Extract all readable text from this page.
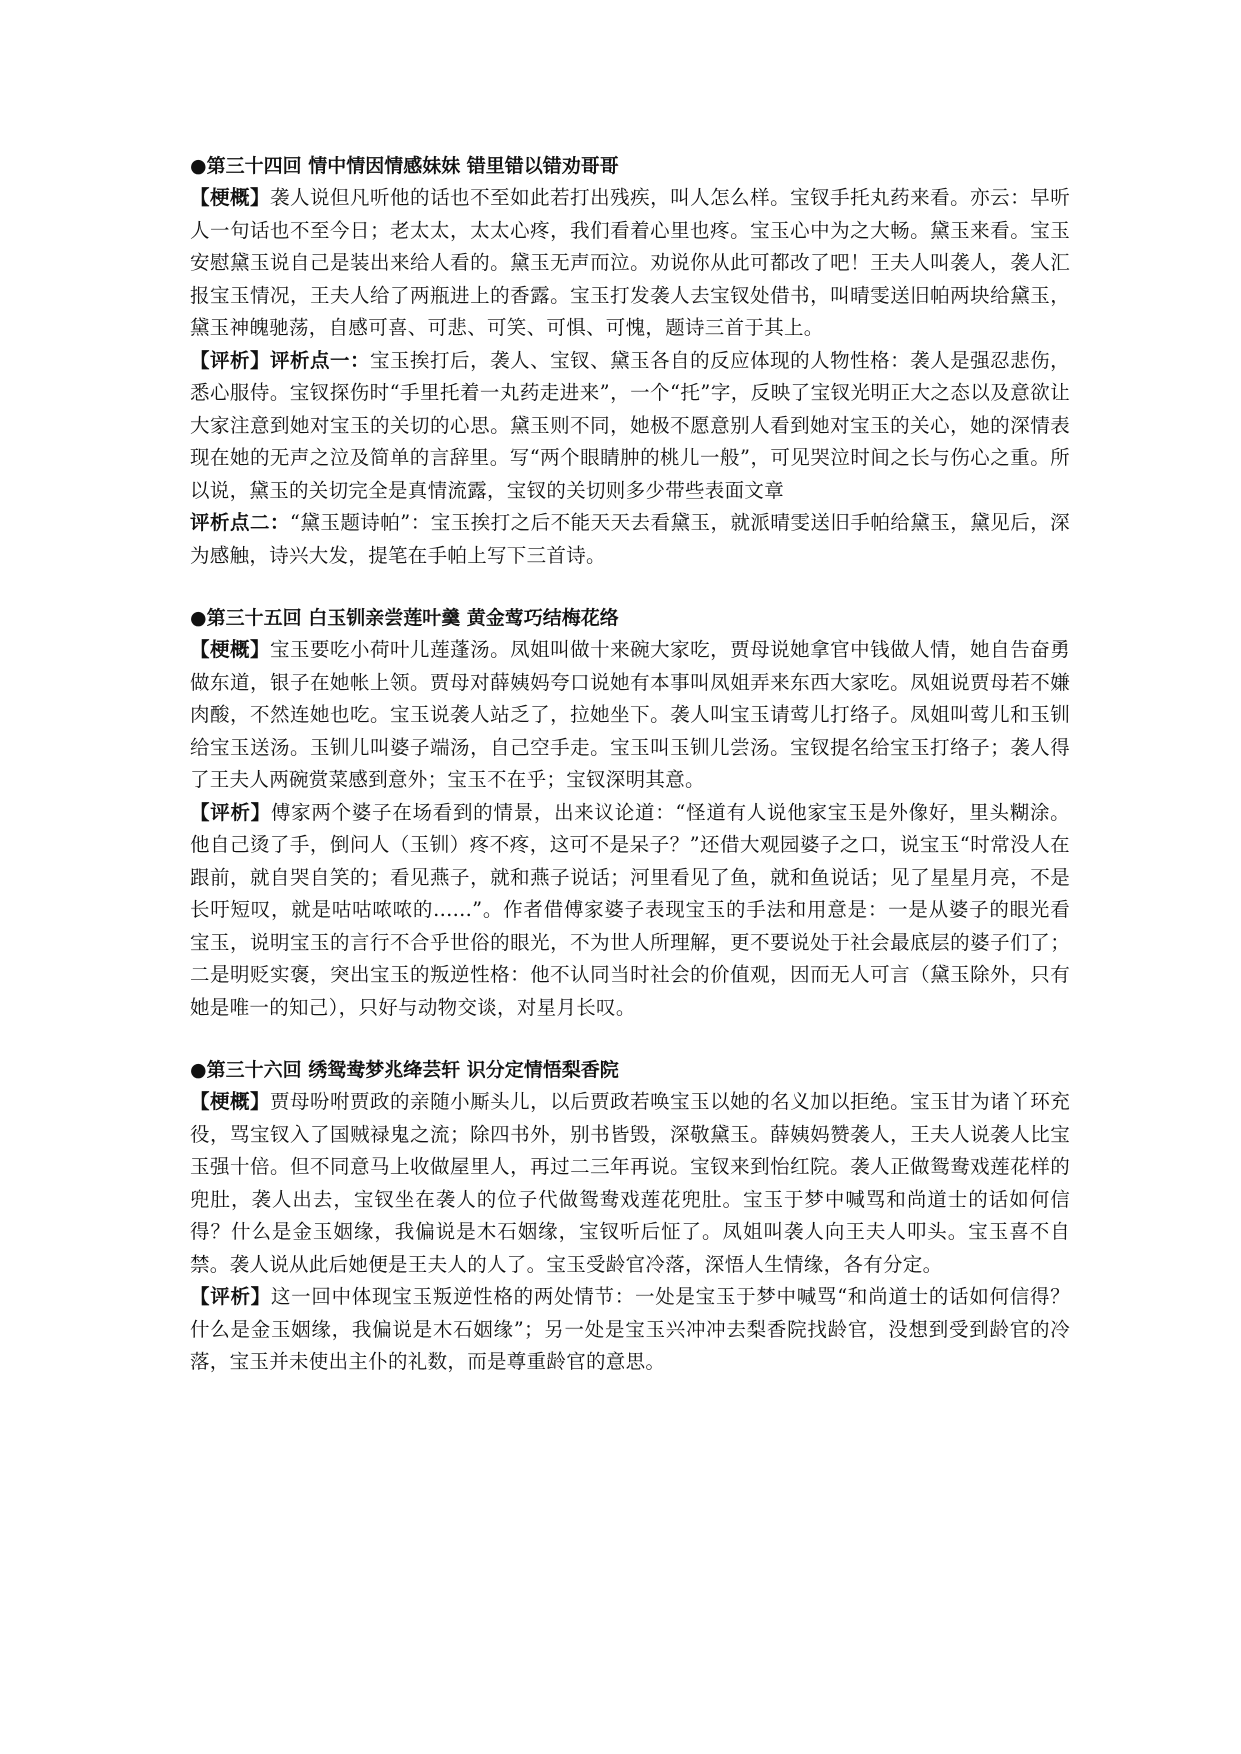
●第三十四回 情中情因情感妹妹 错里错以错劝哥哥

【梗概】袭人说但凡听他的话也不至如此若打出残疾，叫人怎么样。宝钗手托丸药来看。亦云：早听人一句话也不至今日；老太太，太太心疼，我们看着心里也疼。宝玉心中为之大畅。黛玉来看。宝玉安慰黛玉说自己是装出来给人看的。黛玉无声而泣。劝说你从此可都改了吧！王夫人叫袭人，袭人汇报宝玉情况，王夫人给了两瓶进上的香露。宝玉打发袭人去宝钗处借书，叫晴雯送旧帕两块给黛玉，黛玉神魄驰荡，自感可喜、可悲、可笑、可惧、可愧，题诗三首于其上。

【评析】评析点一：宝玉挨打后，袭人、宝钗、黛玉各自的反应体现的人物性格：袭人是强忍悲伤，悉心服侍。宝钗探伤时“手里托着一丸药走进来”，一个“托”字，反映了宝钗光明正大之态以及意欲让大家注意到她对宝玉的关切的心思。黛玉则不同，她极不愿意别人看到她对宝玉的关心，她的深情表现在她的无声之泣及简单的言辞里。写“两个眼睛肿的桃儿一般”，可见哭泣时间之长与伤心之重。所以说，黛玉的关切完全是真情流露，宝钗的关切则多少带些表面文章

评析点二：“黛玉题诗帕”：宝玉挨打之后不能天天去看黛玉，就派晴雯送旧手帕给黛玉，黛见后，深为感触，诗兴大发，提笔在手帕上写下三首诗。

●第三十五回 白玉钏亲尝莲叶羹 黄金莺巧结梅花络

【梗概】宝玉要吃小荷叶儿莲蓬汤。凤姐叫做十来碗大家吃，贾母说她拿官中钱做人情，她自告奋勇做东道，银子在她帐上领。贾母对薛姨妈夸口说她有本事叫凤姐弄来东西大家吃。凤姐说贾母若不嫌肉酸，不然连她也吃。宝玉说袭人站乏了，拉她坐下。袭人叫宝玉请莺儿打络子。凤姐叫莺儿和玉钏给宝玉送汤。玉钏儿叫婆子端汤，自己空手走。宝玉叫玉钏儿尝汤。宝钗提名给宝玉打络子；袭人得了王夫人两碗赏菜感到意外；宝玉不在乎；宝钗深明其意。

【评析】傅家两个婆子在场看到的情景，出来议论道：“怪道有人说他家宝玉是外像好，里头糊涂。他自己烫了手，倒问人（玉钏）疼不疼，这可不是呆子？”还借大观园婆子之口，说宝玉“时常没人在跟前，就自哭自笑的；看见燕子，就和燕子说话；河里看见了鱼，就和鱼说话；见了星星月亮，不是长吁短叹，就是咕咕哝哝的......”。作者借傅家婆子表现宝玉的手法和用意是：一是从婆子的眼光看宝玉，说明宝玉的言行不合乎世俗的眼光，不为世人所理解，更不要说处于社会最底层的婆子们了；二是明贬实褒，突出宝玉的叛逆性格：他不认同当时社会的价值观，因而无人可言（黛玉除外，只有她是唯一的知己），只好与动物交谈，对星月长叹。

●第三十六回 绣鸳鸯梦兆绛芸轩 识分定情悟梨香院

【梗概】贾母吩咐贾政的亲随小厮头儿，以后贾政若唤宝玉以她的名义加以拒绝。宝玉甘为诸丫环充役，骂宝钗入了国贼禄鬼之流；除四书外，别书皆毁，深敬黛玉。薛姨妈赞袭人，王夫人说袭人比宝玉强十倍。但不同意马上收做屋里人，再过二三年再说。宝钗来到怡红院。袭人正做鸳鸯戏莲花样的兜肚，袭人出去，宝钗坐在袭人的位子代做鸳鸯戏莲花兜肚。宝玉于梦中喊骂和尚道士的话如何信得？什么是金玉姻缘，我偏说是木石姻缘，宝钗听后怔了。凤姐叫袭人向王夫人叩头。宝玉喜不自禁。袭人说从此后她便是王夫人的人了。宝玉受龄官冷落，深悟人生情缘，各有分定。

【评析】这一回中体现宝玉叛逆性格的两处情节：一处是宝玉于梦中喊骂“和尚道士的话如何信得？什么是金玉姻缘，我偏说是木石姻缘”；另一处是宝玉兴冲冲去梨香院找龄官，没想到受到龄官的冷落，宝玉并未使出主仆的礼数，而是尊重龄官的意思。
